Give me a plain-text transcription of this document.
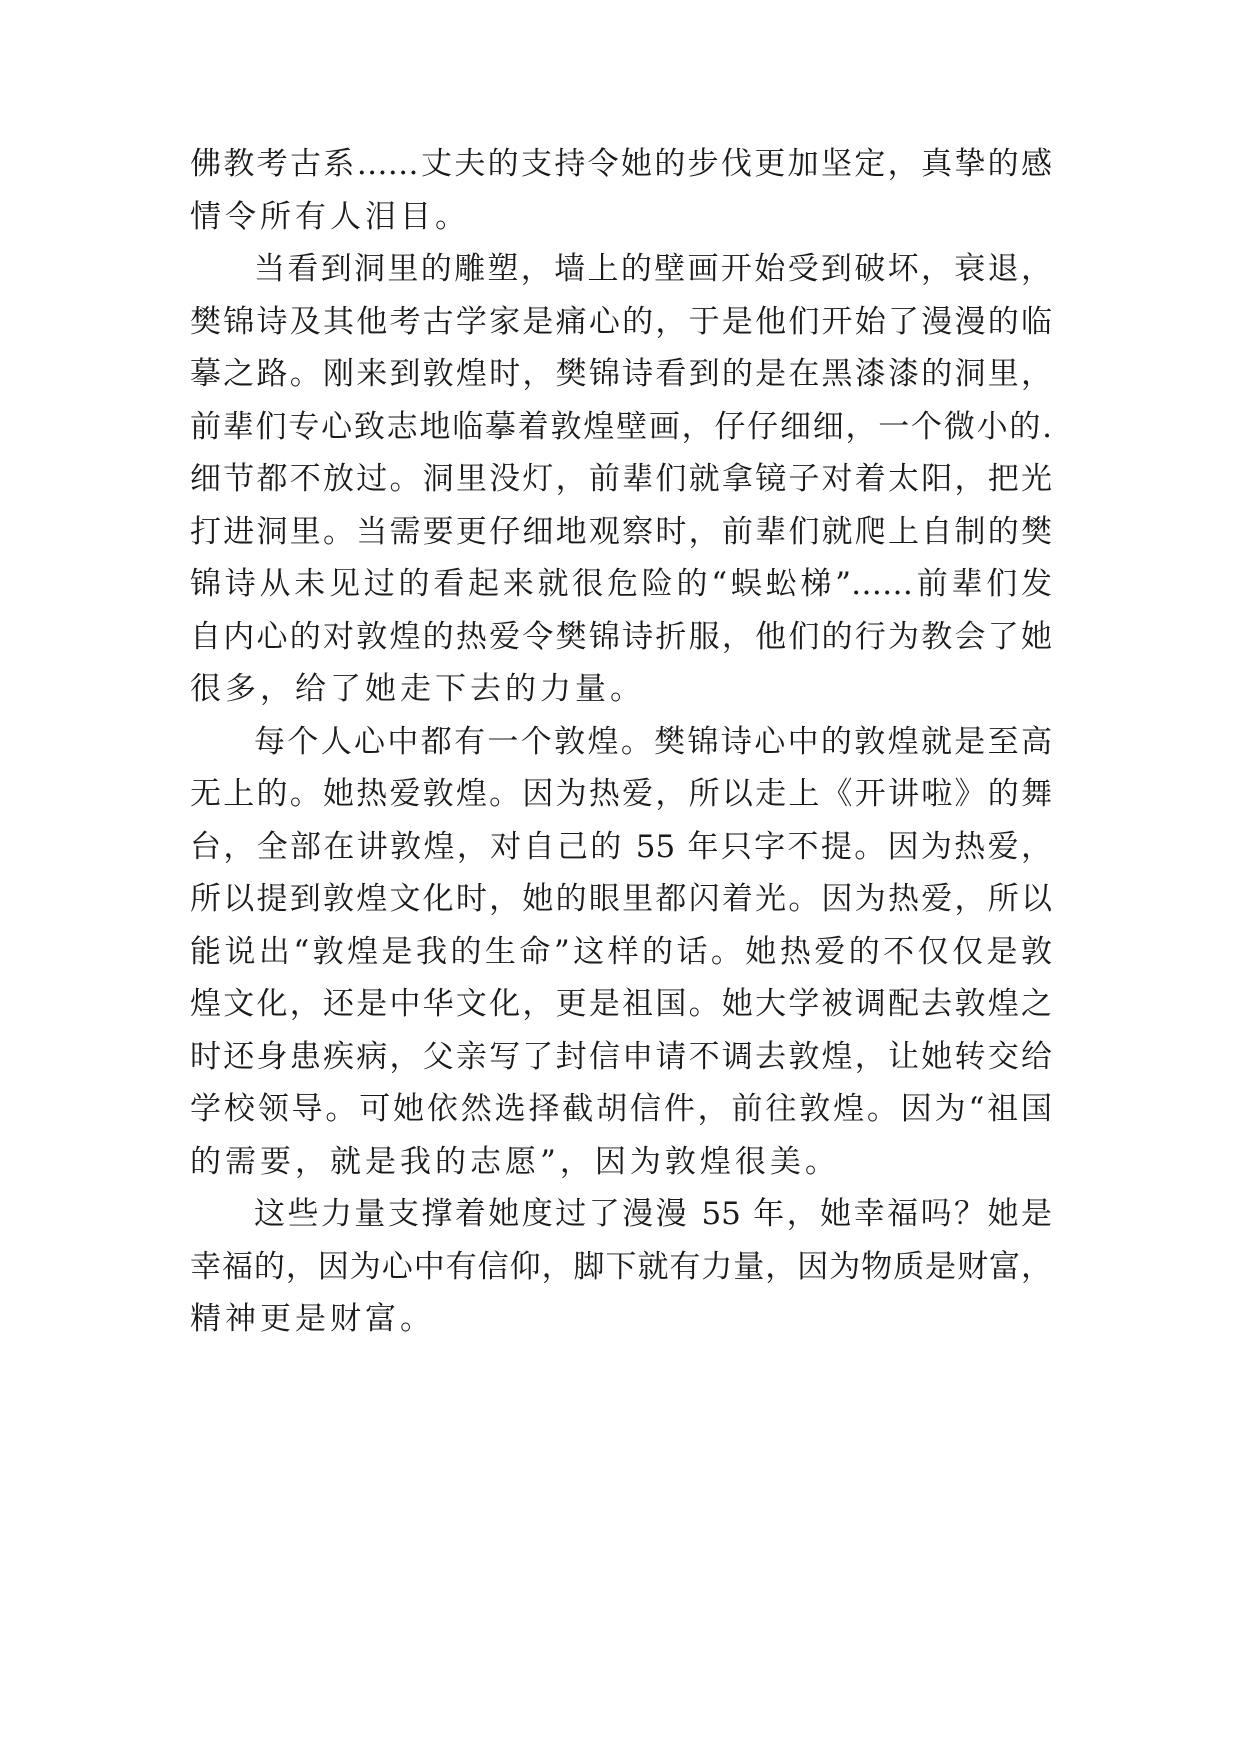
佛教考古系……丈夫的支持令她的步伐更加坚定，真挚的感
情令所有人泪目。
当看到洞里的雕塑，墙上的壁画开始受到破坏，衰退，
樊锦诗及其他考古学家是痛心的，于是他们开始了漫漫的临
摹之路。刚来到敦煌时，樊锦诗看到的是在黑漆漆的洞里，
前辈们专心致志地临摹着敦煌壁画，仔仔细细，一个微小的.
细节都不放过。洞里没灯，前辈们就拿镜子对着太阳，把光
打进洞里。当需要更仔细地观察时，前辈们就爬上自制的樊
锦诗从未见过的看起来就很危险的“蜈蚣梯”……前辈们发
自内心的对敦煌的热爱令樊锦诗折服，他们的行为教会了她
很多，给了她走下去的力量。
每个人心中都有一个敦煌。樊锦诗心中的敦煌就是至高
无上的。她热爱敦煌。因为热爱，所以走上《开讲啦》的舞
台，全部在讲敦煌，对自己的 55 年只字不提。因为热爱，
所以提到敦煌文化时，她的眼里都闪着光。因为热爱，所以
能说出“敦煌是我的生命”这样的话。她热爱的不仅仅是敦
煌文化，还是中华文化，更是祖国。她大学被调配去敦煌之
时还身患疾病，父亲写了封信申请不调去敦煌，让她转交给
学校领导。可她依然选择截胡信件，前往敦煌。因为“祖国
的需要，就是我的志愿”，因为敦煌很美。
这些力量支撑着她度过了漫漫 55 年，她幸福吗？她是
幸福的，因为心中有信仰，脚下就有力量，因为物质是财富，
精神更是财富。
